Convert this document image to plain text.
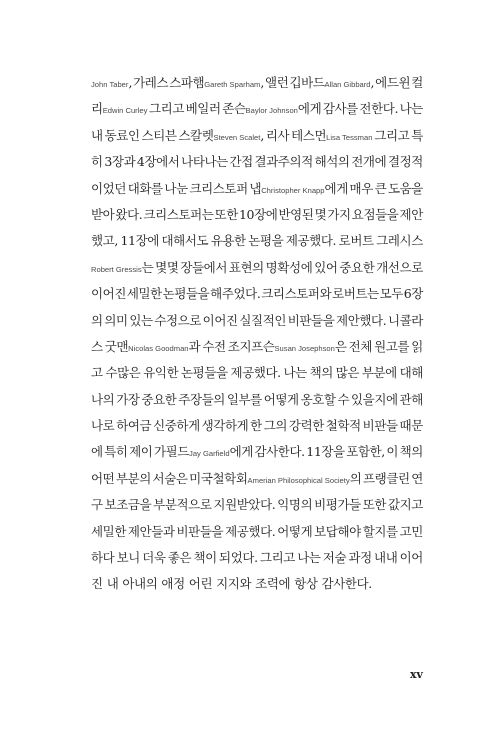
John Taber, 가레스 스파햄Gareth Sparham, 앨런 깁바드Allan Gibbard, 에드윈 컬
리Edwin Curley 그리고 베일러 존슨Baylor Johnson에게 감사를 전한다. 나는
내 동료인 스티븐 스칼렛Steven Scalet, 리사 테스먼Lisa Tessman 그리고 특
히 3장과 4장에서 나타나는 간접 결과주의적 해석의 전개에 결정적
이었던 대화를 나눈 크리스토퍼 냅Christopher Knapp에게 매우 큰 도움을
받아 왔다. 크리스토퍼는 또한 10장에 반영된 몇 가지 요점들을 제안
했고, 11장에 대해서도 유용한 논평을 제공했다. 로버트 그레시스
Robert Gressis는 몇몇 장들에서 표현의 명확성에 있어 중요한 개선으로
이어진 세밀한 논평들을 해주었다. 크리스토퍼와 로버트는 모두 6장
의 의미 있는 수정으로 이어진 실질적인 비판들을 제안했다. 니콜라
스 굿맨Nicolas Goodman과 수전 조지프슨Susan Josephson은 전체 원고를 읽
고 수많은 유익한 논평들을 제공했다. 나는 책의 많은 부분에 대해
나의 가장 중요한 주장들의 일부를 어떻게 옹호할 수 있을지에 관해
나로 하여금 신중하게 생각하게 한 그의 강력한 철학적 비판들 때문
에 특히 제이 가필드Jay Garfield에게 감사한다. 11장을 포함한, 이 책의
어떤 부분의 서술은 미국철학회Amerian Philosophical Society의 프랭클린 연
구 보조금을 부분적으로 지원받았다. 익명의 비평가들 또한 값지고
세밀한 제안들과 비판들을 제공했다. 어떻게 보답해야 할지를 고민
하다 보니 더욱 좋은 책이 되었다. 그리고 나는 저술 과정 내내 이어
진 내 아내의 애정 어린 지지와 조력에 항상 감사한다.
xv
